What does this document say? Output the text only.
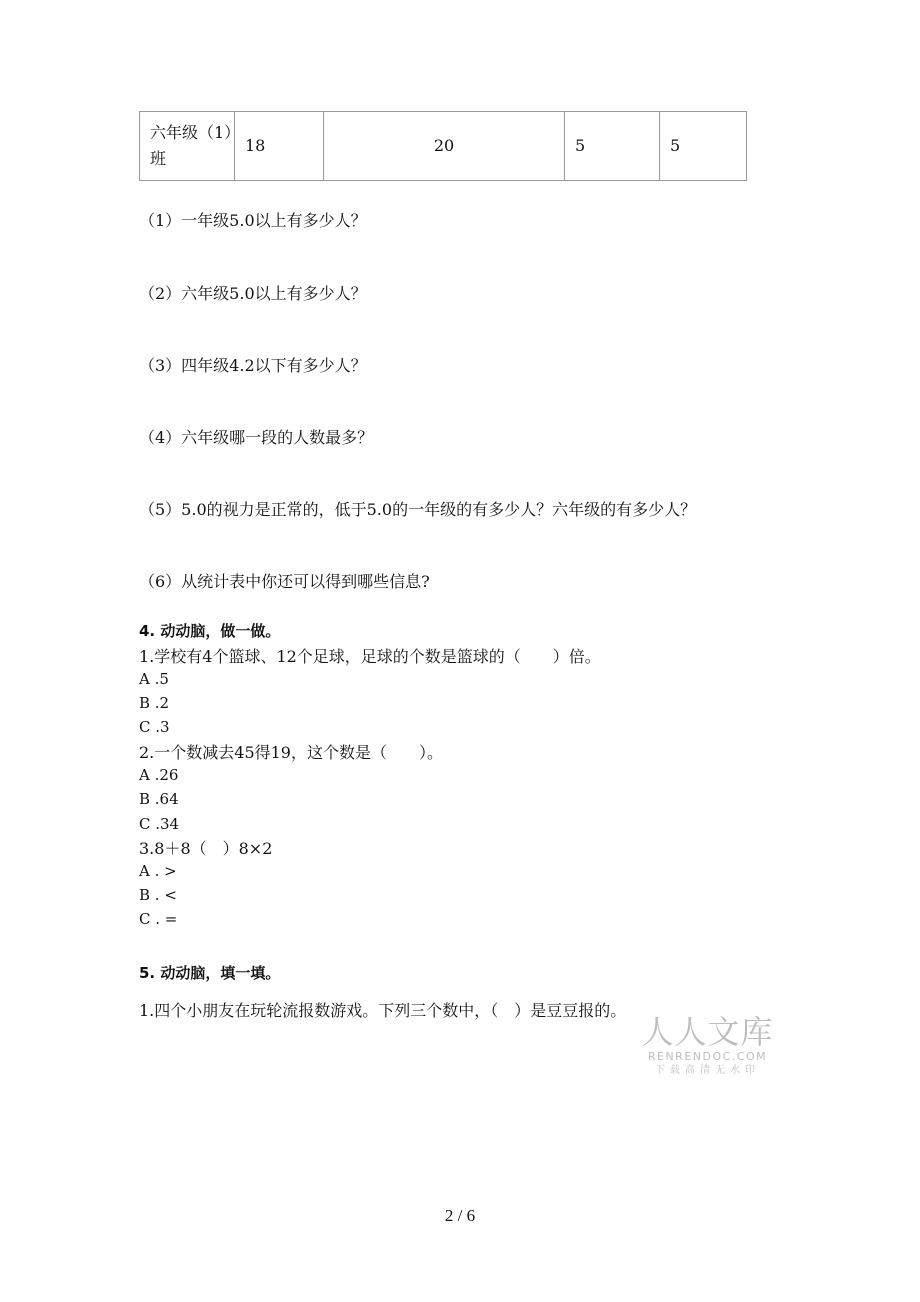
六年级（1）班	18	20	5	5
（1）一年级5.0以上有多少人？
（2）六年级5.0以上有多少人？
（3）四年级4.2以下有多少人？
（4）六年级哪一段的人数最多？
（5）5.0的视力是正常的，低于5.0的一年级的有多少人？六年级的有多少人？
（6）从统计表中你还可以得到哪些信息?
4. 动动脑，做一做。
1.学校有4个篮球、12个足球，足球的个数是篮球的（　　）倍。
A .5
B .2
C .3
2.一个数减去45得19，这个数是（　　）。
A .26
B .64
C .34
3.8＋8（　）8×2
A . >
B . <
C . =
5. 动动脑，填一填。
1.四个小朋友在玩轮流报数游戏。下列三个数中，（　）是豆豆报的。
人人文库
RENRENDOC.COM
下载高清无水印
2 / 6
